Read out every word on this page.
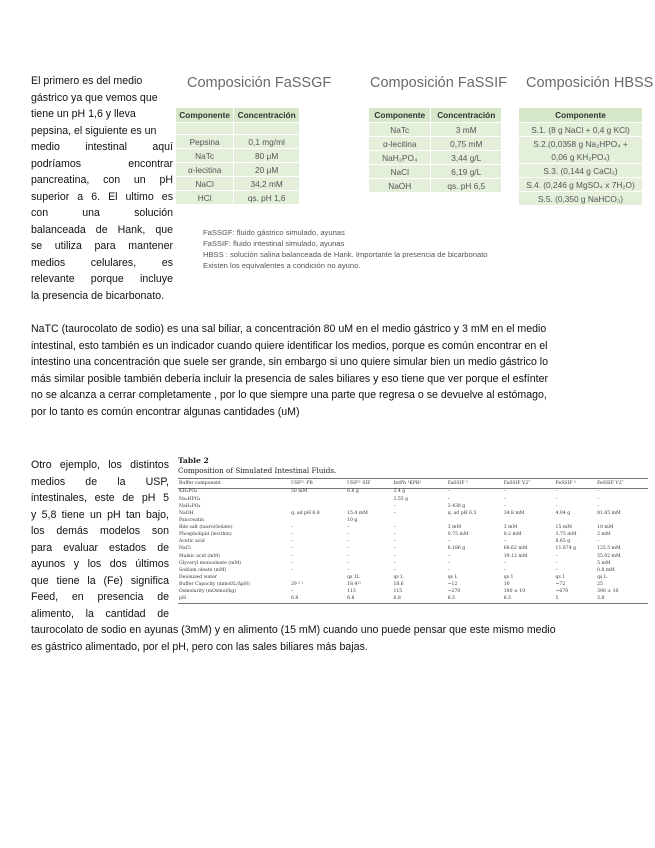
El primero es del medio
gástrico ya que vemos que
tiene un pH 1,6 y lleva
pepsina, el siguiente es un
medio intestinal aquí
podríamos encontrar
pancreatina, con un pH
superior a 6. El ultimo es
con una solución
balanceada de Hank, que
se utiliza para mantener
medios celulares, es
relevante porque incluye
la presencia de bicarbonato.
Composición FaSSGF	Composición FaSSIF Composición HBSS
Componente	Concentración

Pepsina	0,1 mg/ml
NaTc	80 μM
α-lecitina	20 μM
NaCl	34,2 mM
HCl	qs. pH 1,6
Componente	Concentración
NaTc	3 mM
α-lecitina	0,75 mM
NaH₂PO₄	3,44 g/L
NaCl	6,19 g/L
NaOH	qs. pH 6,5
Componente
S.1. (8 g NaCl + 0,4 g KCl)
S.2.(0,0358 g Na₂HPO₄ +
0,06 g KH₂PO₄)
S.3. (0,144 g CaCl₂)
S.4. (0,246 g MgSO₄ x 7H₂O)
S.5. (0,350 g NaHCO₃)
FaSSGF: fluido gástrico simulado, ayunas
FaSSIF: fluido intestinal simulado, ayunas
HBSS : solución salina balanceada de Hank. Importante la presencia de bicarbonato
Existen los equivalentes a condición no ayuno.
NaTC (taurocolato de sodio) es una sal biliar, a concentración 80 uM en el medio gástrico y 3 mM en el medio
intestinal, esto también es un indicador cuando quiere identificar los medios, porque es común encontrar en el
intestino una concentración que suele ser grande, sin embargo si uno quiere simular bien un medio gástrico lo
más similar posible también debería incluir la presencia de sales biliares y eso tiene que ver porque el esfínter
no se alcanza a cerrar completamente , por lo que siempre una parte que regresa o se devuelve al estómago,
por lo tanto es común encontrar algunas cantidades (uM)
Otro ejemplo, los distintos
medios de la USP,
intestinales, este de pH 5
y 5,8 tiene un pH tan bajo,
los demás modelos son
para evaluar estados de
ayunos y los dos últimos
que tiene la (Fe) significa
Feed, en presencia de
alimento, la cantidad de
Table 2
Composition of Simulated Intestinal Fluids.
Buffer component	USP²¹ PB	USP²¹ SIF	IntPh ¹KPB²	FaSSIF ³	FaSSIF V2⁷	FeSSIF ³	FeSSIF V2⁷
KH₂PO₄	50 mM	6.8 g	3.4 g	–	–	–	–
Na₂HPO₄			3.55 g	–	–	–	–
NaH₂PO₄			–	3.438 g	–	–	–
NaOH	q. ad pH 6.8	15.4 mM	–	q. ad pH 6.5	34.8 mM	4.04 g	81.65 mM
Pancreatin		10 g					
Bile salt (taurocholate)	–	–	–	3 mM	3 mM	15 mM	10 mM
Phospholipid (lecithin)	–	–	–	0.75 mM	0.2 mM	3.75 mM	2 mM
Acetic acid	–	–	–	–	–	8.65 g	–
NaCl	–	–	–	6.186 g	68.62 mM	11.874 g	125.5 mM
Maleic acid (mM)	–	–	–	–	19.12 mM	–	55.02 mM
Glyceryl monooleate (mM)	–	–	–	–	–	–	5 mM
Sodium oleate (mM)	–	–	–	–	–	–	0.8 mM
Deionized water		qs 1L	qs L	qs L	qs 1	qs 1	qs L
Buffer Capacity (mmol/L/ΔpH)	29 ² ¹	18.4²¹	18.6	~12	10	~72	25
Osmolarity (mOsmol/kg)	–	113	115	~270	180 ± 10	~670	390 ± 10
pH	6.8	6.8	6.8	6.5	6.5	5	5.8
taurocolato de sodio en ayunas (3mM) y en alimento (15 mM) cuando uno puede pensar que este mismo medio
es gástrico alimentado, por el pH, pero con las sales biliares más bajas.
